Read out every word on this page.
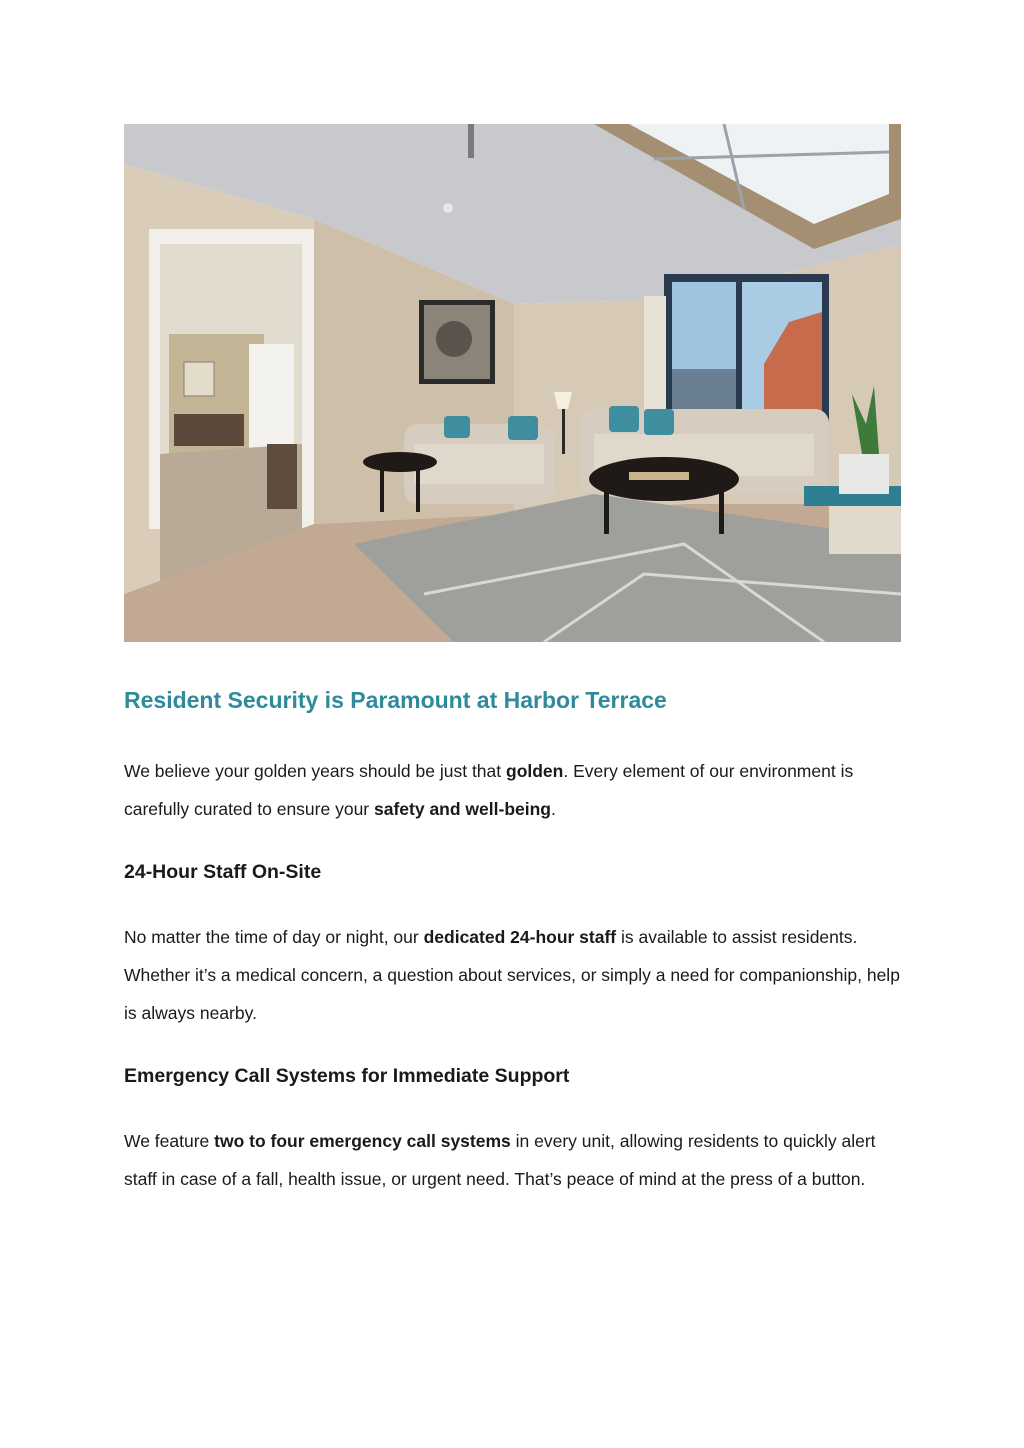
Resident Security is Paramount at Harbor Terrace

We believe your golden years should be just that golden. Every element of our environment is carefully curated to ensure your safety and well-being.

24-Hour Staff On-Site

No matter the time of day or night, our dedicated 24-hour staff is available to assist residents. Whether it’s a medical concern, a question about services, or simply a need for companionship, help is always nearby.

Emergency Call Systems for Immediate Support

We feature two to four emergency call systems in every unit, allowing residents to quickly alert staff in case of a fall, health issue, or urgent need. That’s peace of mind at the press of a button.
